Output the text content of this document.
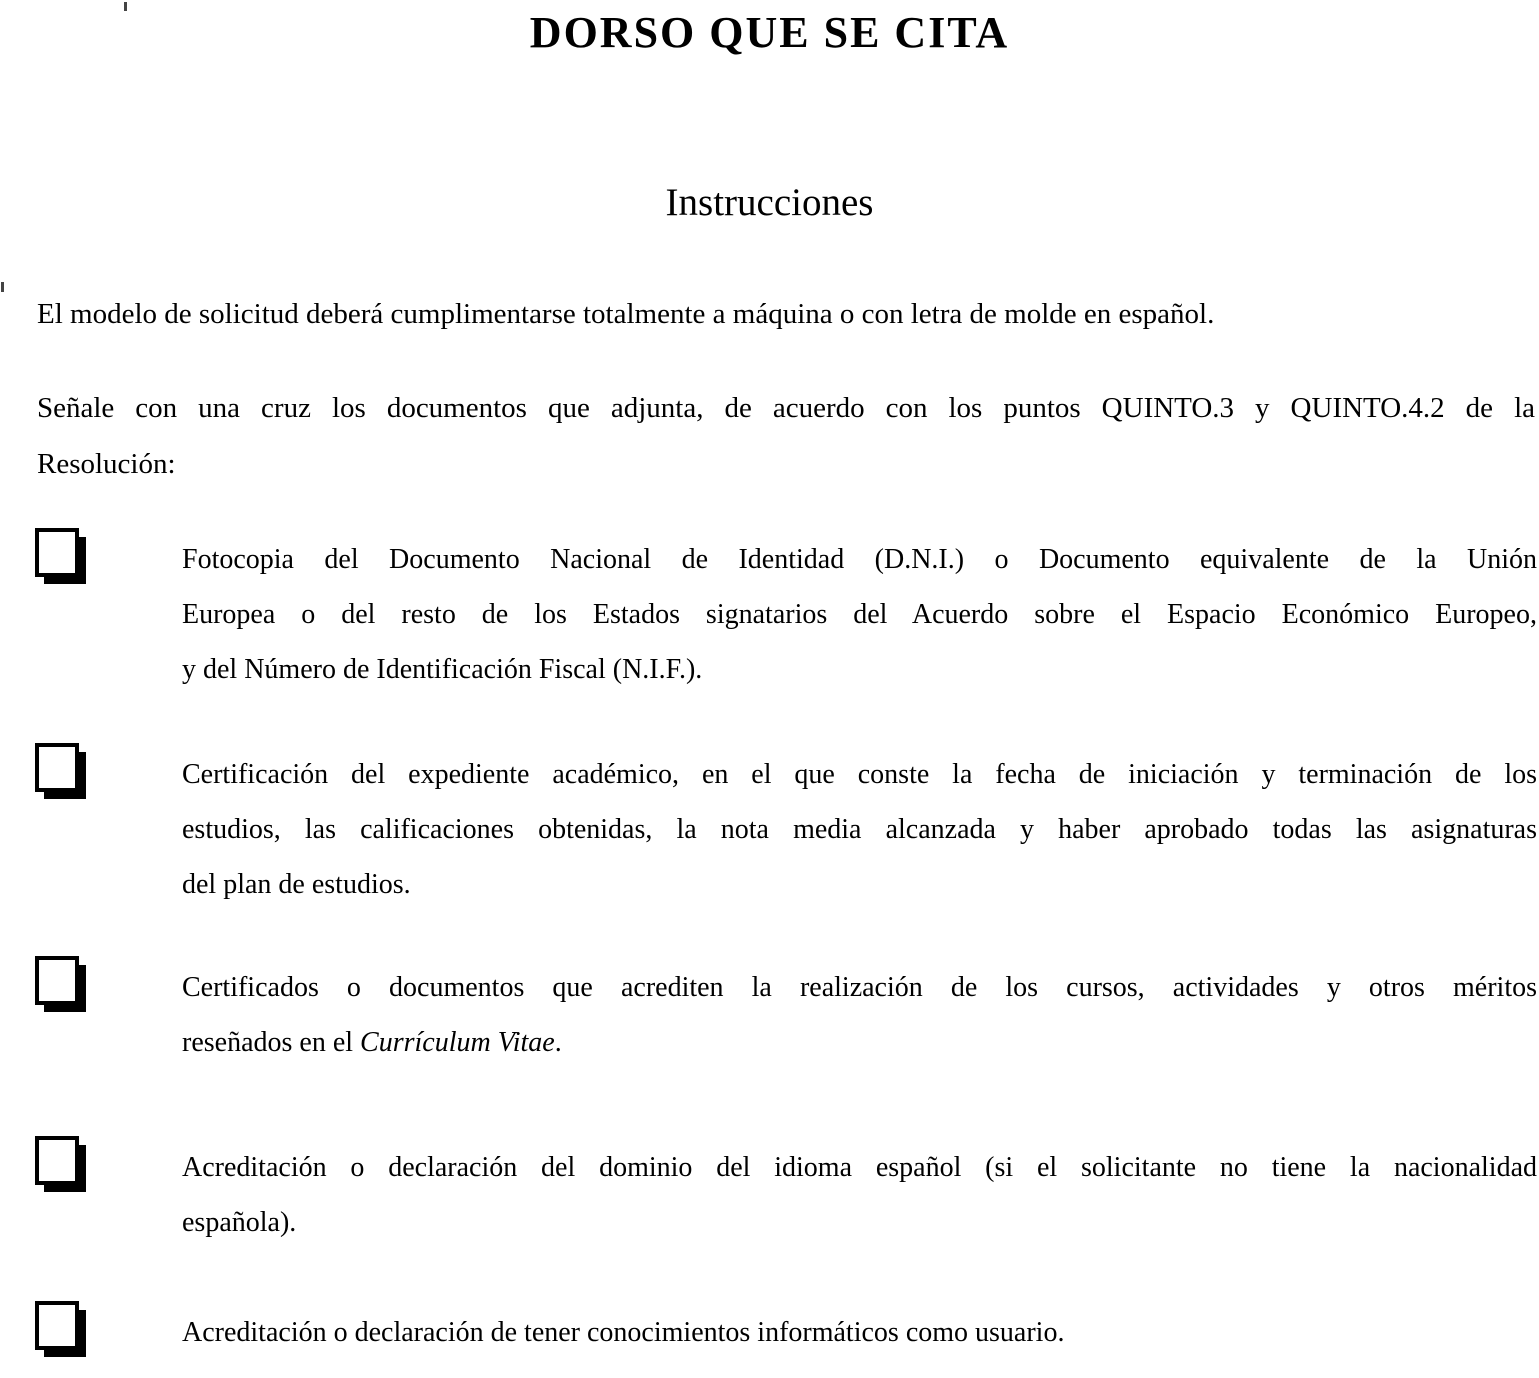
DORSO QUE SE CITA
Instrucciones
El modelo de solicitud deberá cumplimentarse totalmente a máquina o con letra de molde en español.
Señale con una cruz los documentos que adjunta, de acuerdo con los puntos QUINTO.3 y QUINTO.4.2 de la
Resolución:
Fotocopia del Documento Nacional de Identidad (D.N.I.) o Documento equivalente de la Unión
Europea o del resto de los Estados signatarios del Acuerdo sobre el Espacio Económico Europeo,
y del Número de Identificación Fiscal (N.I.F.).
Certificación del expediente académico, en el que conste la fecha de iniciación y terminación de los
estudios, las calificaciones obtenidas, la nota media alcanzada y haber aprobado todas las asignaturas
del plan de estudios.
Certificados o documentos que acrediten la realización de los cursos, actividades y otros méritos
reseñados en el Currículum Vitae.
Acreditación o declaración del dominio del idioma español (si el solicitante no tiene la nacionalidad
española).
Acreditación o declaración de tener conocimientos informáticos como usuario.
